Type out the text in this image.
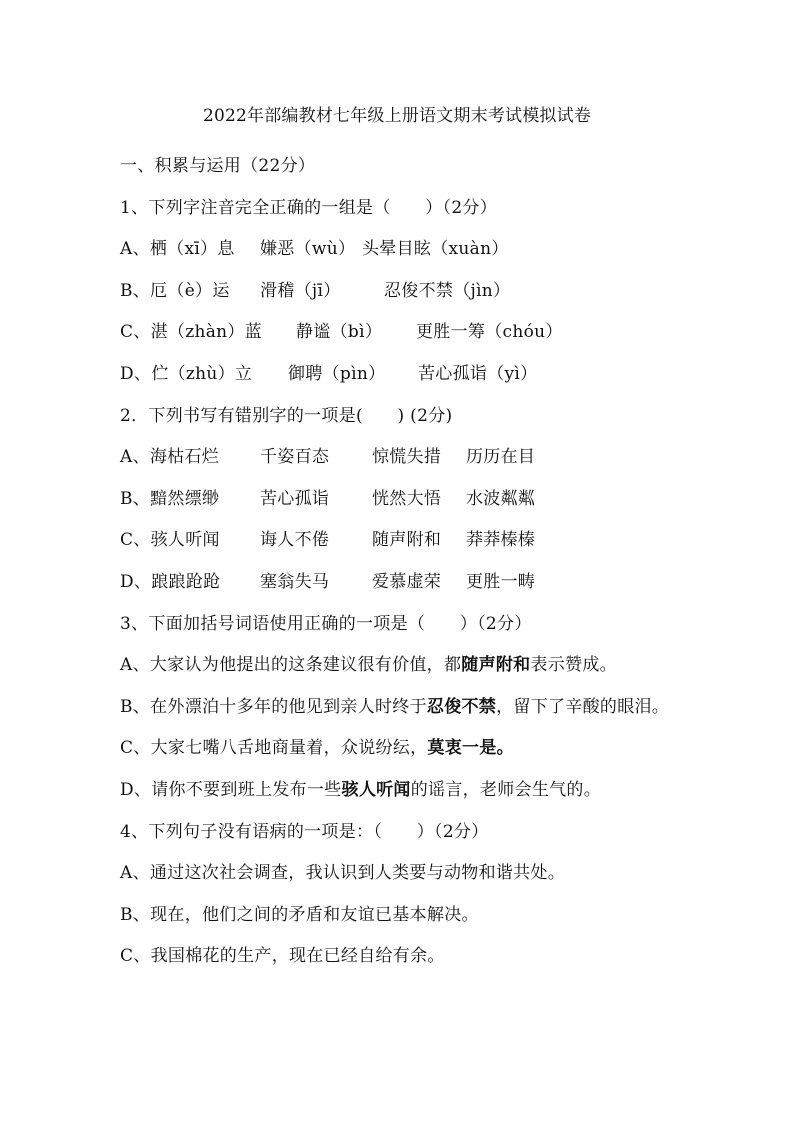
2022年部编教材七年级上册语文期末考试模拟试卷
一、积累与运用（22分）
1、下列字注音完全正确的一组是（　　）（2分）
A、栖（xī）息 嫌恶（wù） 头晕目眩（xuàn）
B、厄（è）运 滑稽（jī）	忍俊不禁（jìn）
C、湛（zhàn）蓝 静谧（bì） 更胜一筹（chóu）
D、伫（zhù）立 御聘（pìn） 苦心孤诣（yì）
2．下列书写有错别字的一项是(　　) (2分)
A、海枯石烂 千姿百态	惊慌失措 历历在目
B、黯然缥缈 苦心孤诣	恍然大悟 水波粼粼
C、骇人听闻 诲人不倦	随声附和 莽莽榛榛
D、踉踉跄跄 塞翁失马	爱慕虚荣 更胜一畴
3、下面加括号词语使用正确的一项是（　　）（2分）
A、大家认为他提出的这条建议很有价值，都随声附和表示赞成。
B、在外漂泊十多年的他见到亲人时终于忍俊不禁，留下了辛酸的眼泪。
C、大家七嘴八舌地商量着，众说纷纭，莫衷一是。
D、请你不要到班上发布一些骇人听闻的谣言，老师会生气的。
4、下列句子没有语病的一项是：（　　）（2分）
A、通过这次社会调查，我认识到人类要与动物和谐共处。
B、现在，他们之间的矛盾和友谊已基本解决。
C、我国棉花的生产，现在已经自给有余。
